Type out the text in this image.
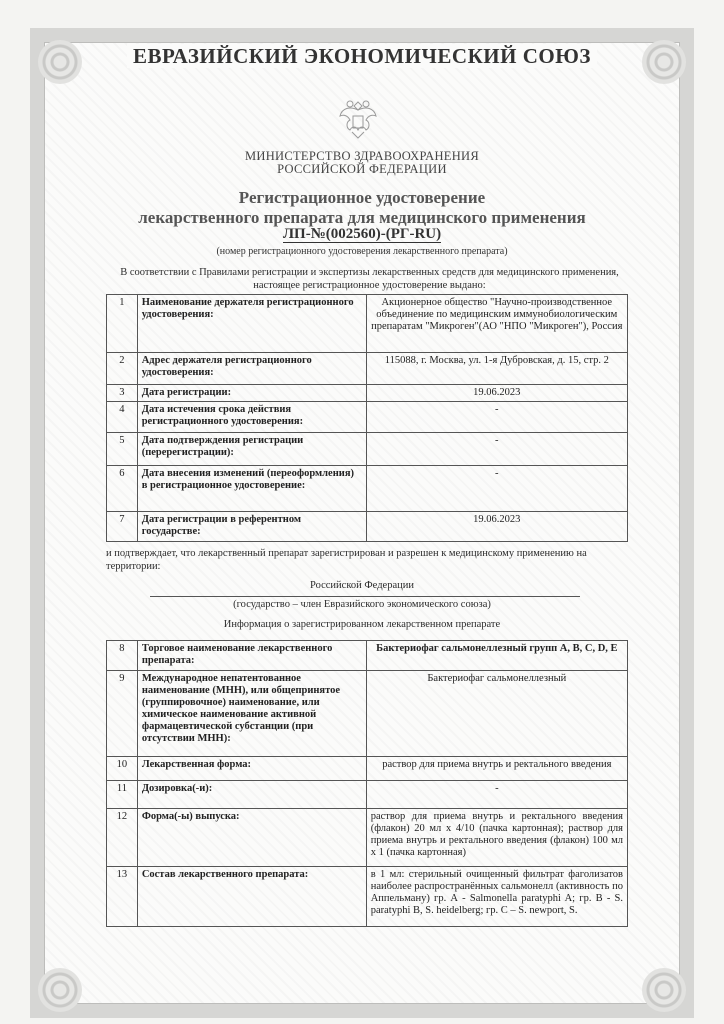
ЕВРАЗИЙСКИЙ ЭКОНОМИЧЕСКИЙ СОЮЗ
МИНИСТЕРСТВО ЗДРАВООХРАНЕНИЯ
РОССИЙСКОЙ ФЕДЕРАЦИИ
Регистрационное удостоверение
лекарственного препарата для медицинского применения
ЛП-№(002560)-(РГ-RU)
(номер регистрационного удостоверения лекарственного препарата)
В соответствии с Правилами регистрации и экспертизы лекарственных средств для медицинского применения, настоящее регистрационное удостоверение выдано:
1	Наименование держателя регистрационного удостоверения:	Акционерное общество "Научно-производственное объединение по медицинским иммунобиологическим препаратам "Микроген"(АО "НПО "Микроген"), Россия
2	Адрес держателя регистрационного удостоверения:	115088, г. Москва, ул. 1-я Дубровская, д. 15, стр. 2
3	Дата регистрации:	19.06.2023
4	Дата истечения срока действия регистрационного удостоверения:	-
5	Дата подтверждения регистрации (перерегистрации):	-
6	Дата внесения изменений (переоформления) в регистрационное удостоверение:	-
7	Дата регистрации в референтном государстве:	19.06.2023
и подтверждает, что лекарственный препарат зарегистрирован и разрешен к медицинскому применению на территории:
Российской Федерации
(государство – член Евразийского экономического союза)
Информация о зарегистрированном лекарственном препарате
8	Торговое наименование лекарственного препарата:	Бактериофаг сальмонеллезный групп A, B, C, D, E
9	Международное непатентованное наименование (МНН), или общепринятое (группировочное) наименование, или химическое наименование активной фармацевтической субстанции (при отсутствии МНН):	Бактериофаг сальмонеллезный
10	Лекарственная форма:	раствор для приема внутрь и ректального введения
11	Дозировка(-и):	-
12	Форма(-ы) выпуска:	раствор для приема внутрь и ректального введения (флакон) 20 мл х 4/10 (пачка картонная); раствор для приема внутрь и ректального введения (флакон) 100 мл х 1 (пачка картонная)
13	Состав лекарственного препарата:	в 1 мл: стерильный очищенный фильтрат фаголизатов наиболее распространённых сальмонелл (активность по Аппельману) гр. А - Salmonella paratyphi A; гр. В - S. paratyphi B, S. heidelberg; гр. С – S. newport, S.
